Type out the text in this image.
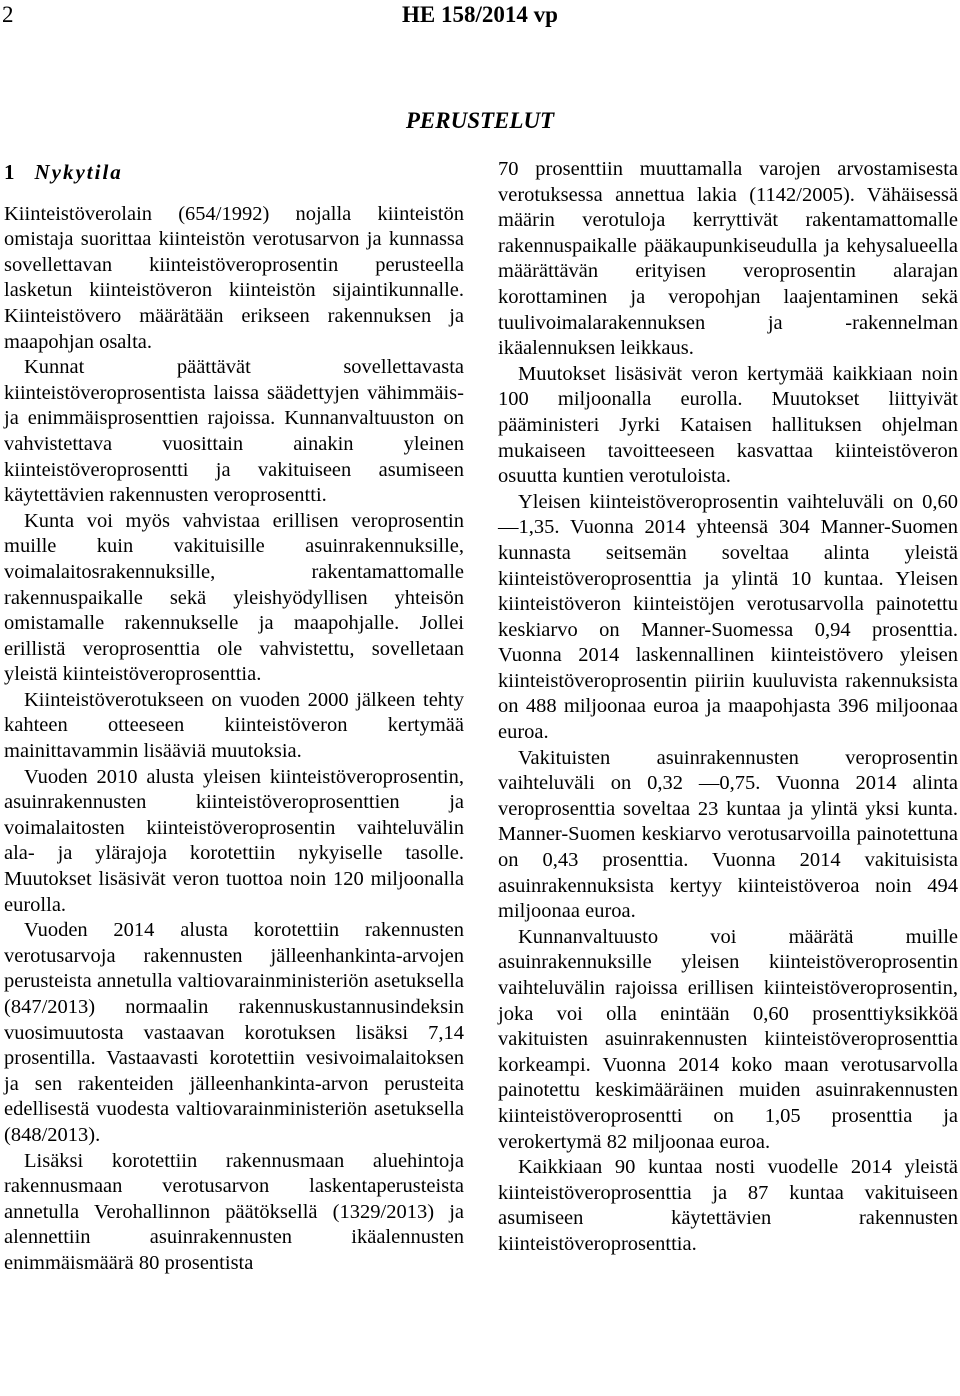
2	HE 158/2014 vp
PERUSTELUT
1 Nykytila

Kiinteistöverolain (654/1992) nojalla kiinteistön omistaja suorittaa kiinteistön verotusarvon ja kunnassa sovellettavan kiinteistöveroprosentin perusteella lasketun kiinteistöveron kiinteistön sijaintikunnalle. Kiinteistövero määrätään erikseen rakennuksen ja maapohjan osalta.

Kunnat päättävät sovellettavasta kiinteistöveroprosentista laissa säädettyjen vähimmäis- ja enimmäisprosenttien rajoissa. Kunnanvaltuuston on vahvistettava vuosittain ainakin yleinen kiinteistöveroprosentti ja vakituiseen asumiseen käytettävien rakennusten veroprosentti.

Kunta voi myös vahvistaa erillisen veroprosentin muille kuin vakituisille asuinrakennuksille, voimalaitosrakennuksille, rakentamattomalle rakennuspaikalle sekä yleishyödyllisen yhteisön omistamalle rakennukselle ja maapohjalle. Jollei erillistä veroprosenttia ole vahvistettu, sovelletaan yleistä kiinteistöveroprosenttia.

Kiinteistöverotukseen on vuoden 2000 jälkeen tehty kahteen otteeseen kiinteistöveron kertymää mainittavammin lisääviä muutoksia.

Vuoden 2010 alusta yleisen kiinteistöveroprosentin, asuinrakennusten kiinteistöveroprosenttien ja voimalaitosten kiinteistöveroprosentin vaihteluvälin ala- ja ylärajoja korotettiin nykyiselle tasolle. Muutokset lisäsivät veron tuottoa noin 120 miljoonalla eurolla.

Vuoden 2014 alusta korotettiin rakennusten verotusarvoja rakennusten jälleenhankinta-arvojen perusteista annetulla valtiovarainministeriön asetuksella (847/2013) normaalin rakennuskustannusindeksin vuosimuutosta vastaavan korotuksen lisäksi 7,14 prosentilla. Vastaavasti korotettiin vesivoimalaitoksen ja sen rakenteiden jälleenhankinta-arvon perusteita edellisestä vuodesta valtiovarainministeriön asetuksella (848/2013).

Lisäksi korotettiin rakennusmaan aluehintoja rakennusmaan verotusarvon laskentaperusteista annetulla Verohallinnon päätöksellä (1329/2013) ja alennettiin asuinrakennusten ikäalennusten enimmäismäärä 80 prosentista

70 prosenttiin muuttamalla varojen arvostamisesta verotuksessa annettua lakia (1142/2005). Vähäisessä määrin verotuloja kerryttivät rakentamattomalle rakennuspaikalle pääkaupunkiseudulla ja kehysalueella määrättävän erityisen veroprosentin alarajan korottaminen ja veropohjan laajentaminen sekä tuulivoimalarakennuksen ja -rakennelman ikäalennuksen leikkaus.

Muutokset lisäsivät veron kertymää kaikkiaan noin 100 miljoonalla eurolla. Muutokset liittyivät pääministeri Jyrki Kataisen hallituksen ohjelman mukaiseen tavoitteeseen kasvattaa kiinteistöveron osuutta kuntien verotuloista.

Yleisen kiinteistöveroprosentin vaihteluväli on 0,60 —1,35. Vuonna 2014 yhteensä 304 Manner-Suomen kunnasta seitsemän soveltaa alinta yleistä kiinteistöveroprosenttia ja ylintä 10 kuntaa. Yleisen kiinteistöveron kiinteistöjen verotusarvolla painotettu keskiarvo on Manner-Suomessa 0,94 prosenttia. Vuonna 2014 laskennallinen kiinteistövero yleisen kiinteistöveroprosentin piiriin kuuluvista rakennuksista on 488 miljoonaa euroa ja maapohjasta 396 miljoonaa euroa.

Vakituisten asuinrakennusten veroprosentin vaihteluväli on 0,32 —0,75. Vuonna 2014 alinta veroprosenttia soveltaa 23 kuntaa ja ylintä yksi kunta. Manner-Suomen keskiarvo verotusarvoilla painotettuna on 0,43 prosenttia. Vuonna 2014 vakituisista asuinrakennuksista kertyy kiinteistöveroa noin 494 miljoonaa euroa.

Kunnanvaltuusto voi määrätä muille asuinrakennuksille yleisen kiinteistöveroprosentin vaihteluvälin rajoissa erillisen kiinteistöveroprosentin, joka voi olla enintään 0,60 prosenttiyksikköä vakituisten asuinrakennusten kiinteistöveroprosenttia korkeampi. Vuonna 2014 koko maan verotusarvolla painotettu keskimääräinen muiden asuinrakennusten kiinteistöveroprosentti on 1,05 prosenttia ja verokertymä 82 miljoonaa euroa.

Kaikkiaan 90 kuntaa nosti vuodelle 2014 yleistä kiinteistöveroprosenttia ja 87 kuntaa vakituiseen asumiseen käytettävien rakennusten kiinteistöveroprosenttia.
